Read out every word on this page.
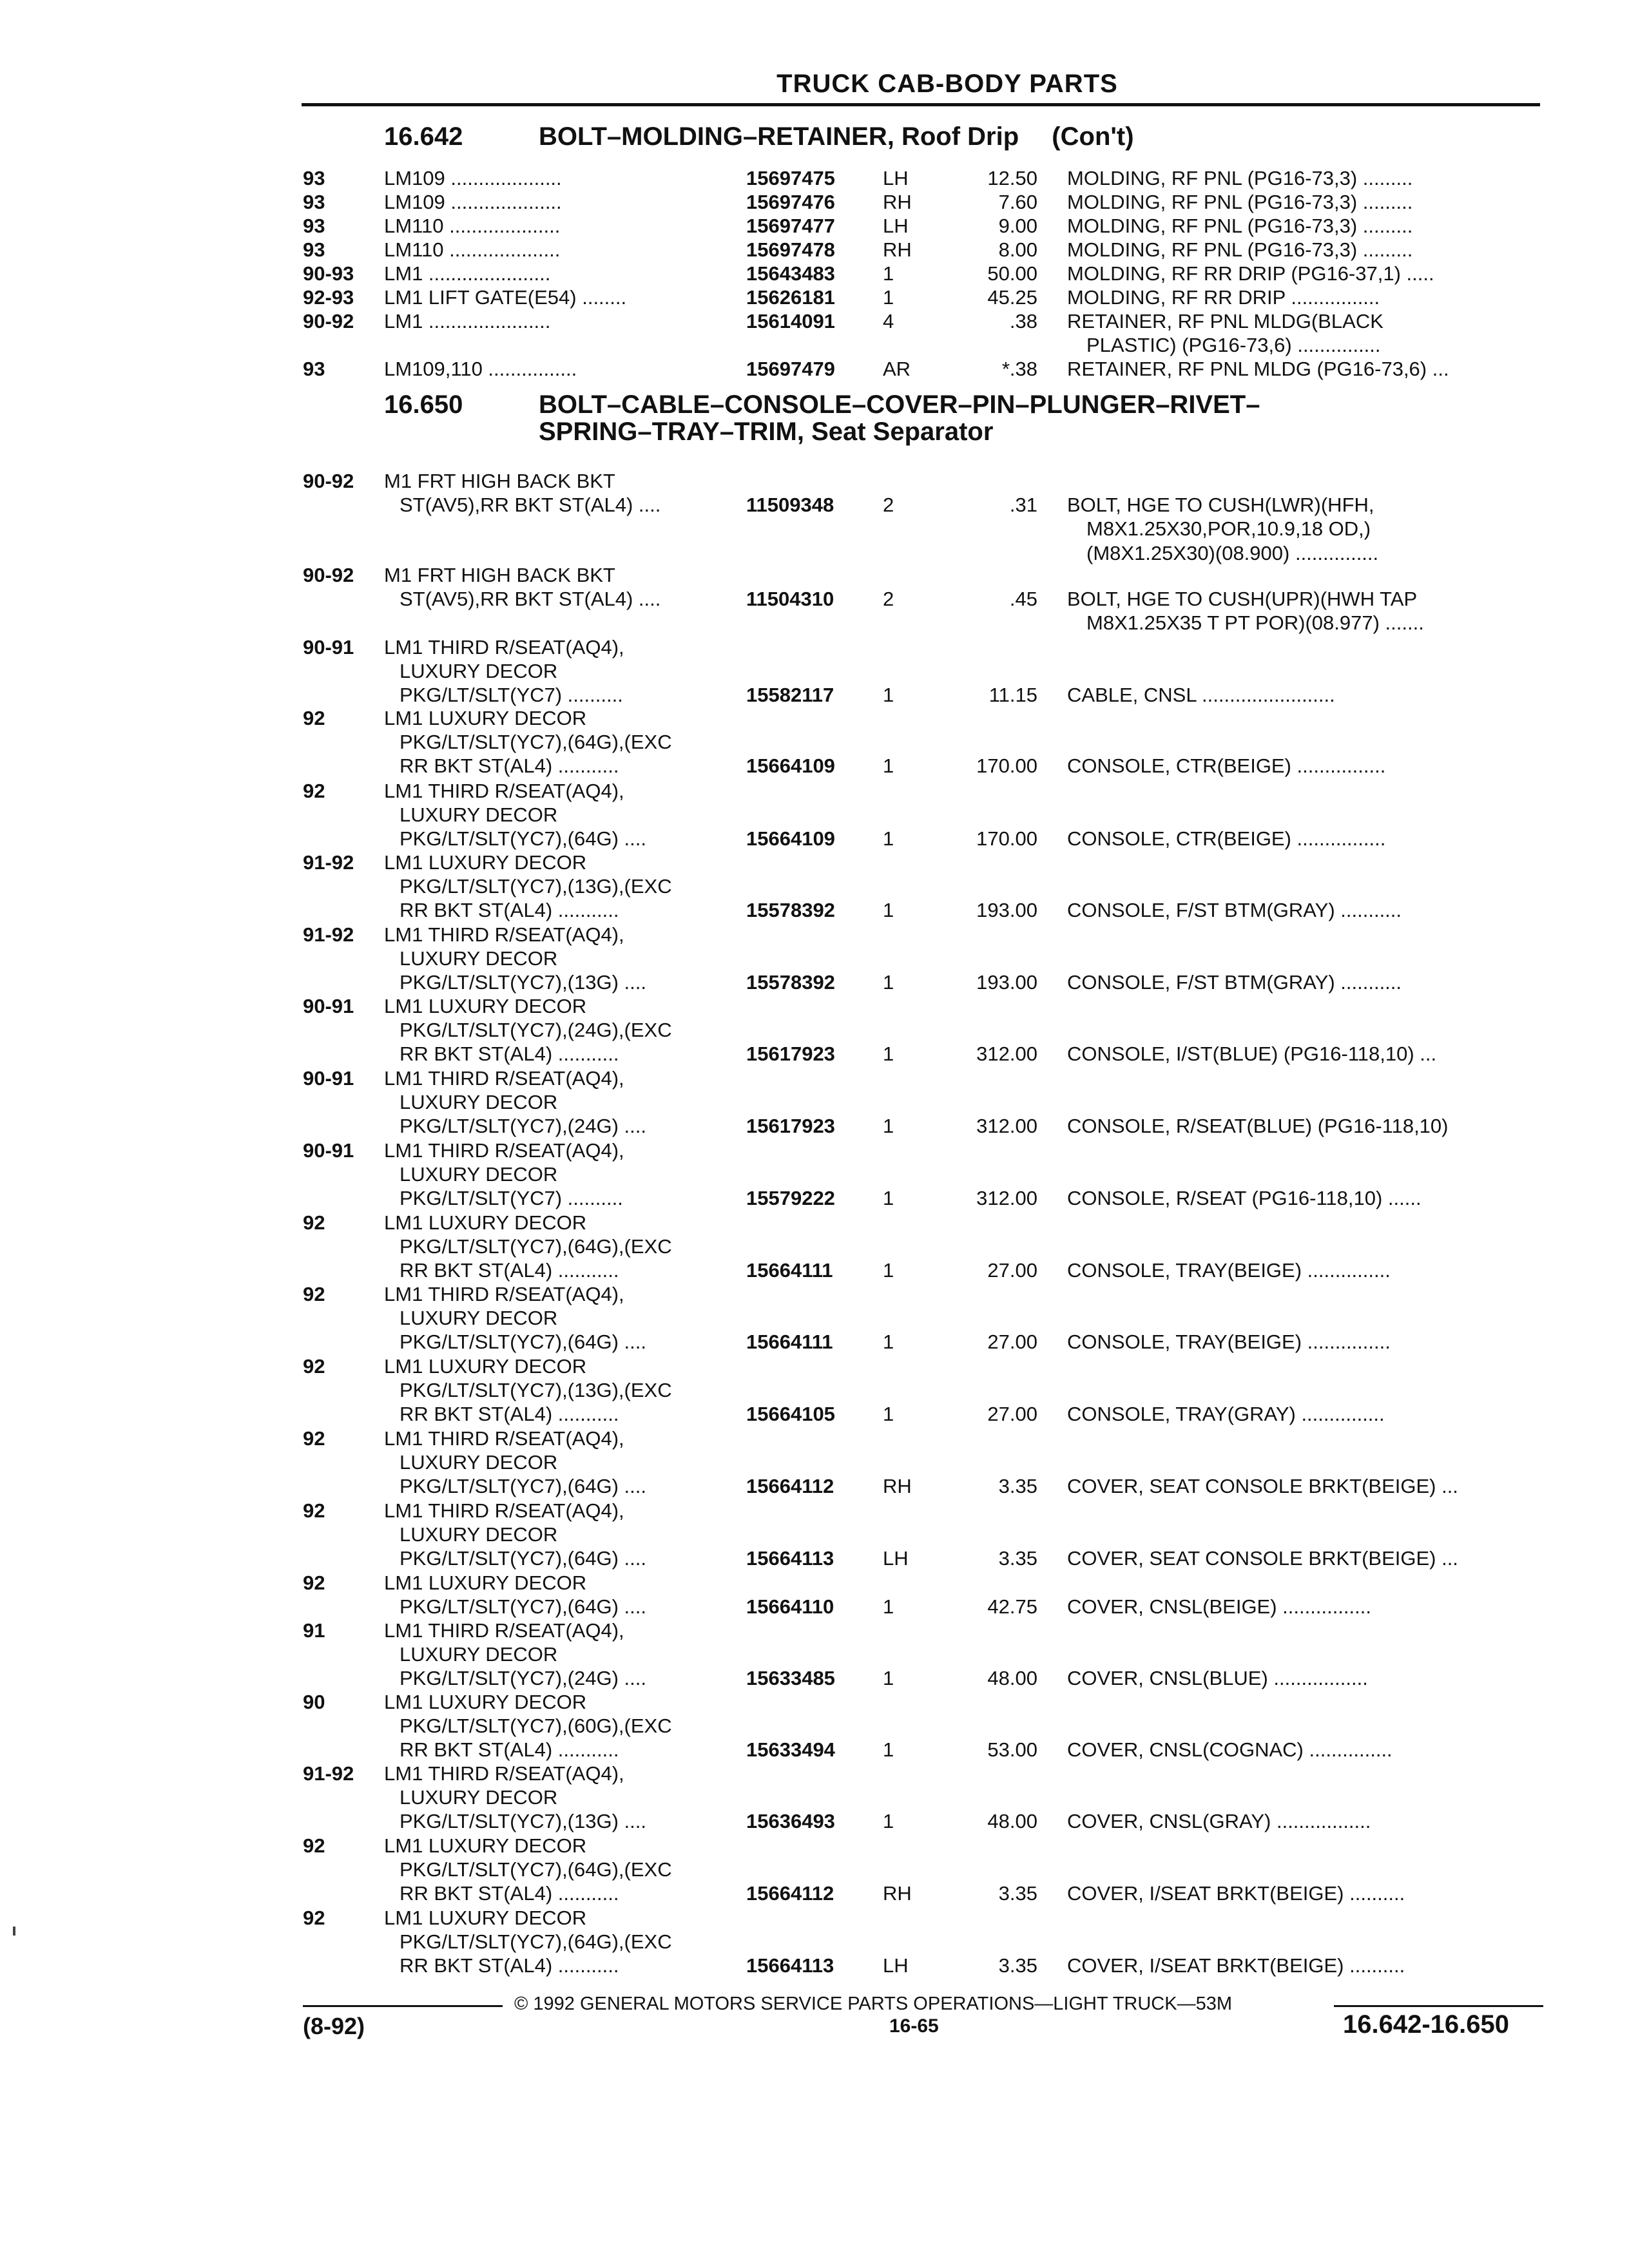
TRUCK CAB-BODY PARTS
16.642	BOLT–MOLDING–RETAINER, Roof Drip (Con't)
16.650	BOLT–CABLE–CONSOLE–COVER–PIN–PLUNGER–RIVET–
SPRING–TRAY–TRIM, Seat Separator
93	LM109 ....................	15697475 LH	12.50 MOLDING, RF PNL (PG16-73,3) .........
93	LM109 ....................	15697476 RH	7.60 MOLDING, RF PNL (PG16-73,3) .........
93	LM110 ....................	15697477 LH	9.00 MOLDING, RF PNL (PG16-73,3) .........
93	LM110 ....................	15697478 RH	8.00 MOLDING, RF PNL (PG16-73,3) .........
90-93 LM1 ......................	15643483 1	50.00 MOLDING, RF RR DRIP (PG16-37,1) .....
92-93 LM1 LIFT GATE(E54) ........	15626181 1	45.25 MOLDING, RF RR DRIP ................
90-92 LM1 ......................	15614091 4	.38 RETAINER, RF PNL MLDG(BLACK
PLASTIC) (PG16-73,6) ...............
93	LM109,110 ................	15697479 AR	*.38 RETAINER, RF PNL MLDG (PG16-73,6) ...
90-92 M1 FRT HIGH BACK BKT
ST(AV5),RR BKT ST(AL4) ....	11509348 2	.31 BOLT, HGE TO CUSH(LWR)(HFH,
M8X1.25X30,POR,10.9,18 OD,)
(M8X1.25X30)(08.900) ...............
90-92 M1 FRT HIGH BACK BKT
ST(AV5),RR BKT ST(AL4) ....	11504310 2	.45 BOLT, HGE TO CUSH(UPR)(HWH TAP
M8X1.25X35 T PT POR)(08.977) .......
90-91 LM1 THIRD R/SEAT(AQ4),
LUXURY DECOR
PKG/LT/SLT(YC7) ..........	15582117 1	11.15 CABLE, CNSL ........................
92	LM1 LUXURY DECOR
PKG/LT/SLT(YC7),(64G),(EXC
RR BKT ST(AL4) ...........	15664109 1	170.00 CONSOLE, CTR(BEIGE) ................
92	LM1 THIRD R/SEAT(AQ4),
LUXURY DECOR
PKG/LT/SLT(YC7),(64G) ....	15664109 1	170.00 CONSOLE, CTR(BEIGE) ................
91-92 LM1 LUXURY DECOR
PKG/LT/SLT(YC7),(13G),(EXC
RR BKT ST(AL4) ...........	15578392 1	193.00 CONSOLE, F/ST BTM(GRAY) ...........
91-92 LM1 THIRD R/SEAT(AQ4),
LUXURY DECOR
PKG/LT/SLT(YC7),(13G) ....	15578392 1	193.00 CONSOLE, F/ST BTM(GRAY) ...........
90-91 LM1 LUXURY DECOR
PKG/LT/SLT(YC7),(24G),(EXC
RR BKT ST(AL4) ...........	15617923 1	312.00 CONSOLE, I/ST(BLUE) (PG16-118,10) ...
90-91 LM1 THIRD R/SEAT(AQ4),
LUXURY DECOR
PKG/LT/SLT(YC7),(24G) ....	15617923 1	312.00 CONSOLE, R/SEAT(BLUE) (PG16-118,10)
90-91 LM1 THIRD R/SEAT(AQ4),
LUXURY DECOR
PKG/LT/SLT(YC7) ..........	15579222 1	312.00 CONSOLE, R/SEAT (PG16-118,10) ......
92	LM1 LUXURY DECOR
PKG/LT/SLT(YC7),(64G),(EXC
RR BKT ST(AL4) ...........	15664111 1	27.00 CONSOLE, TRAY(BEIGE) ...............
92	LM1 THIRD R/SEAT(AQ4),
LUXURY DECOR
PKG/LT/SLT(YC7),(64G) ....	15664111 1	27.00 CONSOLE, TRAY(BEIGE) ...............
92	LM1 LUXURY DECOR
PKG/LT/SLT(YC7),(13G),(EXC
RR BKT ST(AL4) ...........	15664105 1	27.00 CONSOLE, TRAY(GRAY) ...............
92	LM1 THIRD R/SEAT(AQ4),
LUXURY DECOR
PKG/LT/SLT(YC7),(64G) ....	15664112 RH	3.35 COVER, SEAT CONSOLE BRKT(BEIGE) ...
92	LM1 THIRD R/SEAT(AQ4),
LUXURY DECOR
PKG/LT/SLT(YC7),(64G) ....	15664113 LH	3.35 COVER, SEAT CONSOLE BRKT(BEIGE) ...
92	LM1 LUXURY DECOR
PKG/LT/SLT(YC7),(64G) ....	15664110 1	42.75 COVER, CNSL(BEIGE) ................
91	LM1 THIRD R/SEAT(AQ4),
LUXURY DECOR
PKG/LT/SLT(YC7),(24G) ....	15633485 1	48.00 COVER, CNSL(BLUE) .................
90	LM1 LUXURY DECOR
PKG/LT/SLT(YC7),(60G),(EXC
RR BKT ST(AL4) ...........	15633494 1	53.00 COVER, CNSL(COGNAC) ...............
91-92 LM1 THIRD R/SEAT(AQ4),
LUXURY DECOR
PKG/LT/SLT(YC7),(13G) ....	15636493 1	48.00 COVER, CNSL(GRAY) .................
92	LM1 LUXURY DECOR
PKG/LT/SLT(YC7),(64G),(EXC
RR BKT ST(AL4) ...........	15664112 RH	3.35 COVER, I/SEAT BRKT(BEIGE) ..........
92	LM1 LUXURY DECOR
PKG/LT/SLT(YC7),(64G),(EXC
RR BKT ST(AL4) ...........	15664113 LH	3.35 COVER, I/SEAT BRKT(BEIGE) ..........
© 1992 GENERAL MOTORS SERVICE PARTS OPERATIONS—LIGHT TRUCK—53M
(8-92)	16-65	16.642-16.650
